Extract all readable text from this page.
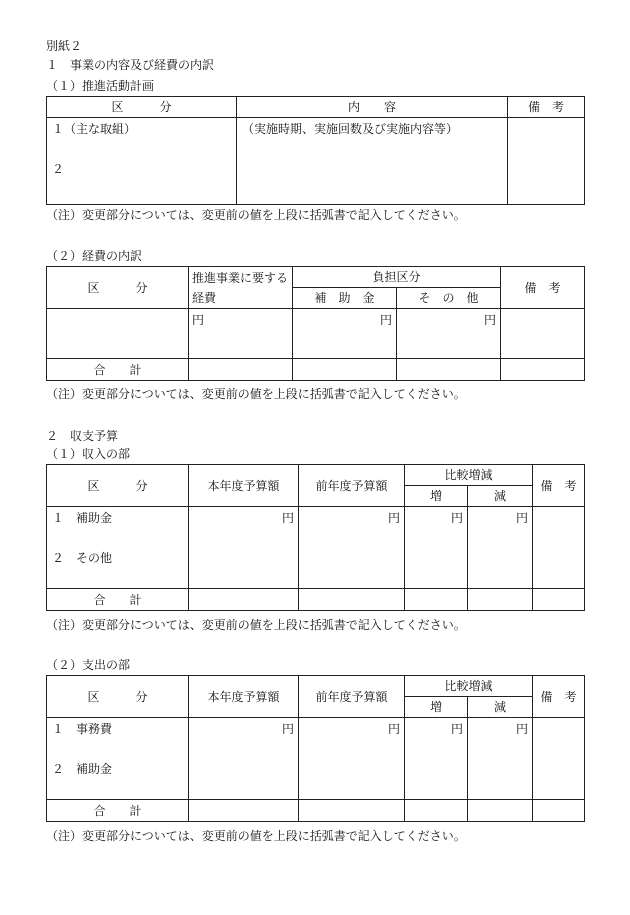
別紙２
１　事業の内容及び経費の内訳
（１）推進活動計画
区　　　分	内　　容	備　考

１（主な取組）
２	（実施時期、実施回数及び実施内容等）	

（注）変更部分については、変更前の値を上段に括弧書で記入してください。
（２）経費の内訳
区　　　分	推進事業に要する経費	負担区分		備　考
		補　助　金	そ　の　他	
	円	円	円	
合　　計				
（注）変更部分については、変更前の値を上段に括弧書で記入してください。
２　収支予算
（１）収入の部
区　　　分	本年度予算額	前年度予算額	比較増減		備　考
			増	減	

１　補助金
２　その他	円	円	円	円	
合　　計					
（注）変更部分については、変更前の値を上段に括弧書で記入してください。
（２）支出の部
区　　　分	本年度予算額	前年度予算額	比較増減		備　考
			増	減	

１　事務費
２　補助金	円	円	円	円	
合　　計					
（注）変更部分については、変更前の値を上段に括弧書で記入してください。
